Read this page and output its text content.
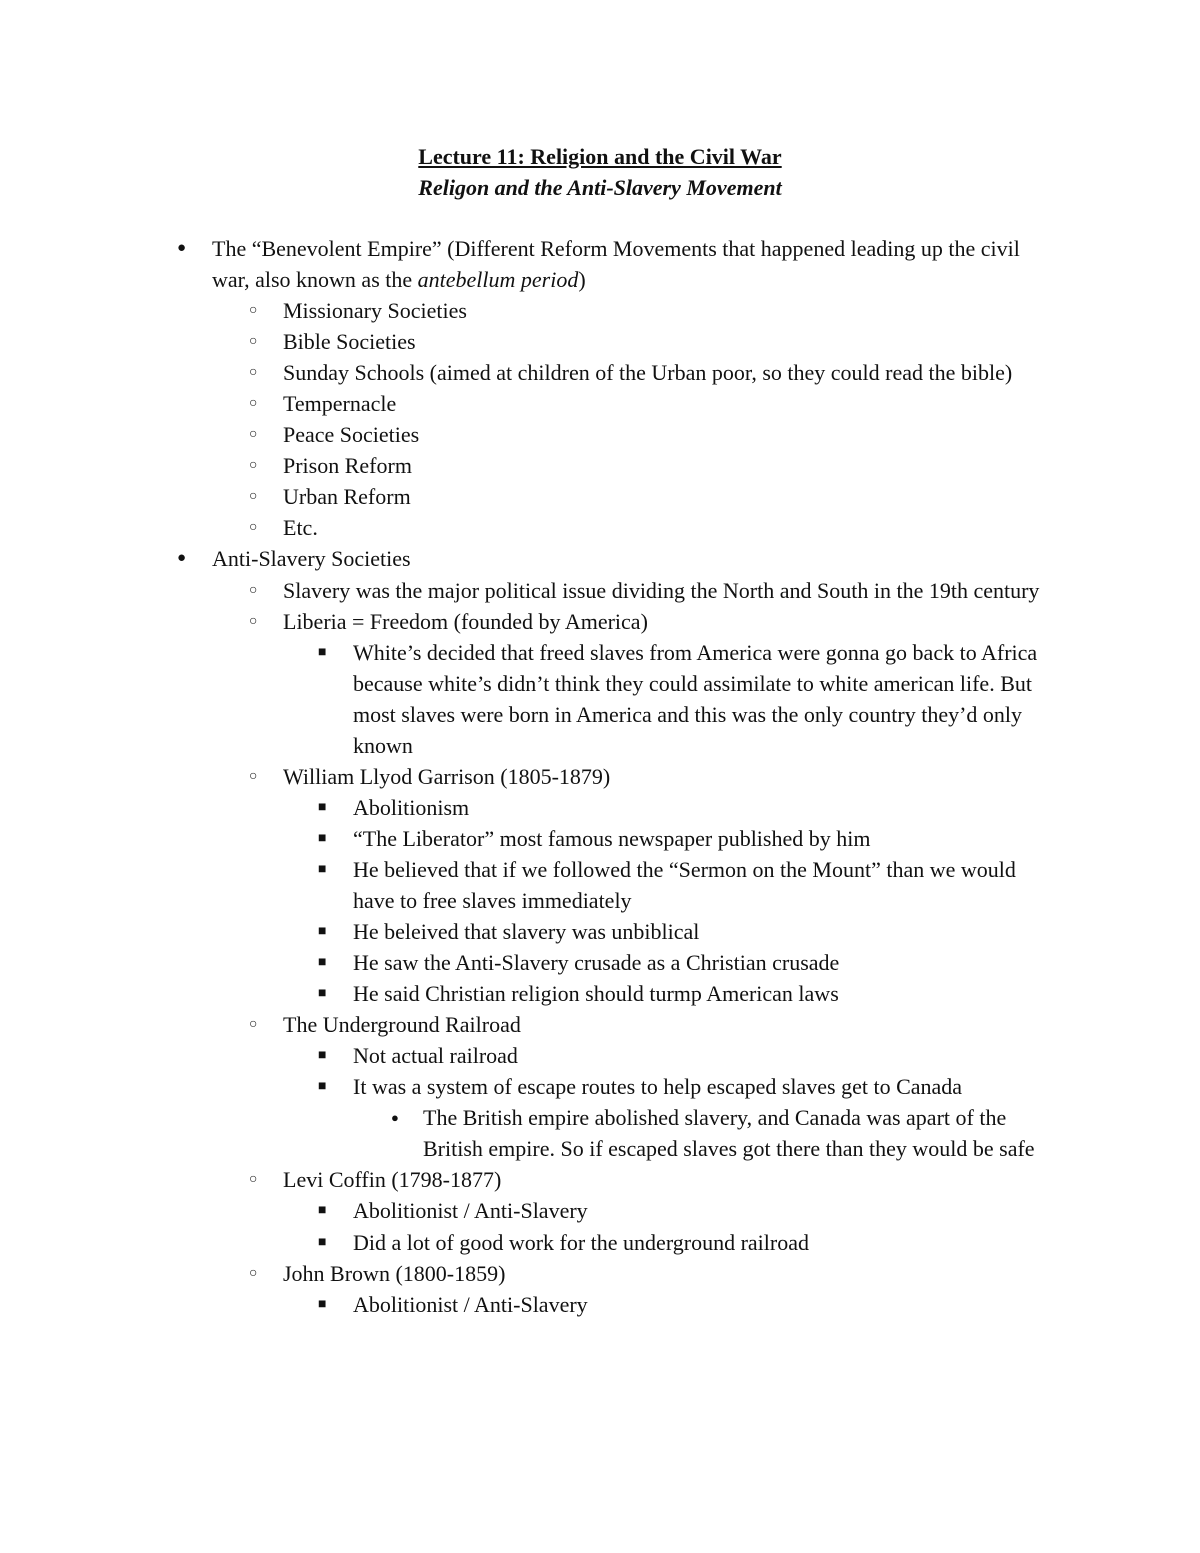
Lecture 11: Religion and the Civil War
Religon and the Anti-Slavery Movement
● The “Benevolent Empire” (Different Reform Movements that happened leading up the civil war, also known as the antebellum period)
○ Missionary Societies
○ Bible Societies
○ Sunday Schools (aimed at children of the Urban poor, so they could read the bible)
○ Tempernacle
○ Peace Societies
○ Prison Reform
○ Urban Reform
○ Etc.
● Anti-Slavery Societies
○ Slavery was the major political issue dividing the North and South in the 19th century
○ Liberia = Freedom (founded by America)
■ White’s decided that freed slaves from America were gonna go back to Africa because white’s didn’t think they could assimilate to white american life. But most slaves were born in America and this was the only country they’d only known
○ William Llyod Garrison (1805-1879)
■ Abolitionism
■ “The Liberator” most famous newspaper published by him
■ He believed that if we followed the “Sermon on the Mount” than we would have to free slaves immediately
■ He beleived that slavery was unbiblical
■ He saw the Anti-Slavery crusade as a Christian crusade
■ He said Christian religion should turmp American laws
○ The Underground Railroad
■ Not actual railroad
■ It was a system of escape routes to help escaped slaves get to Canada
● The British empire abolished slavery, and Canada was apart of the British empire. So if escaped slaves got there than they would be safe
○ Levi Coffin (1798-1877)
■ Abolitionist / Anti-Slavery
■ Did a lot of good work for the underground railroad
○ John Brown (1800-1859)
■ Abolitionist / Anti-Slavery
